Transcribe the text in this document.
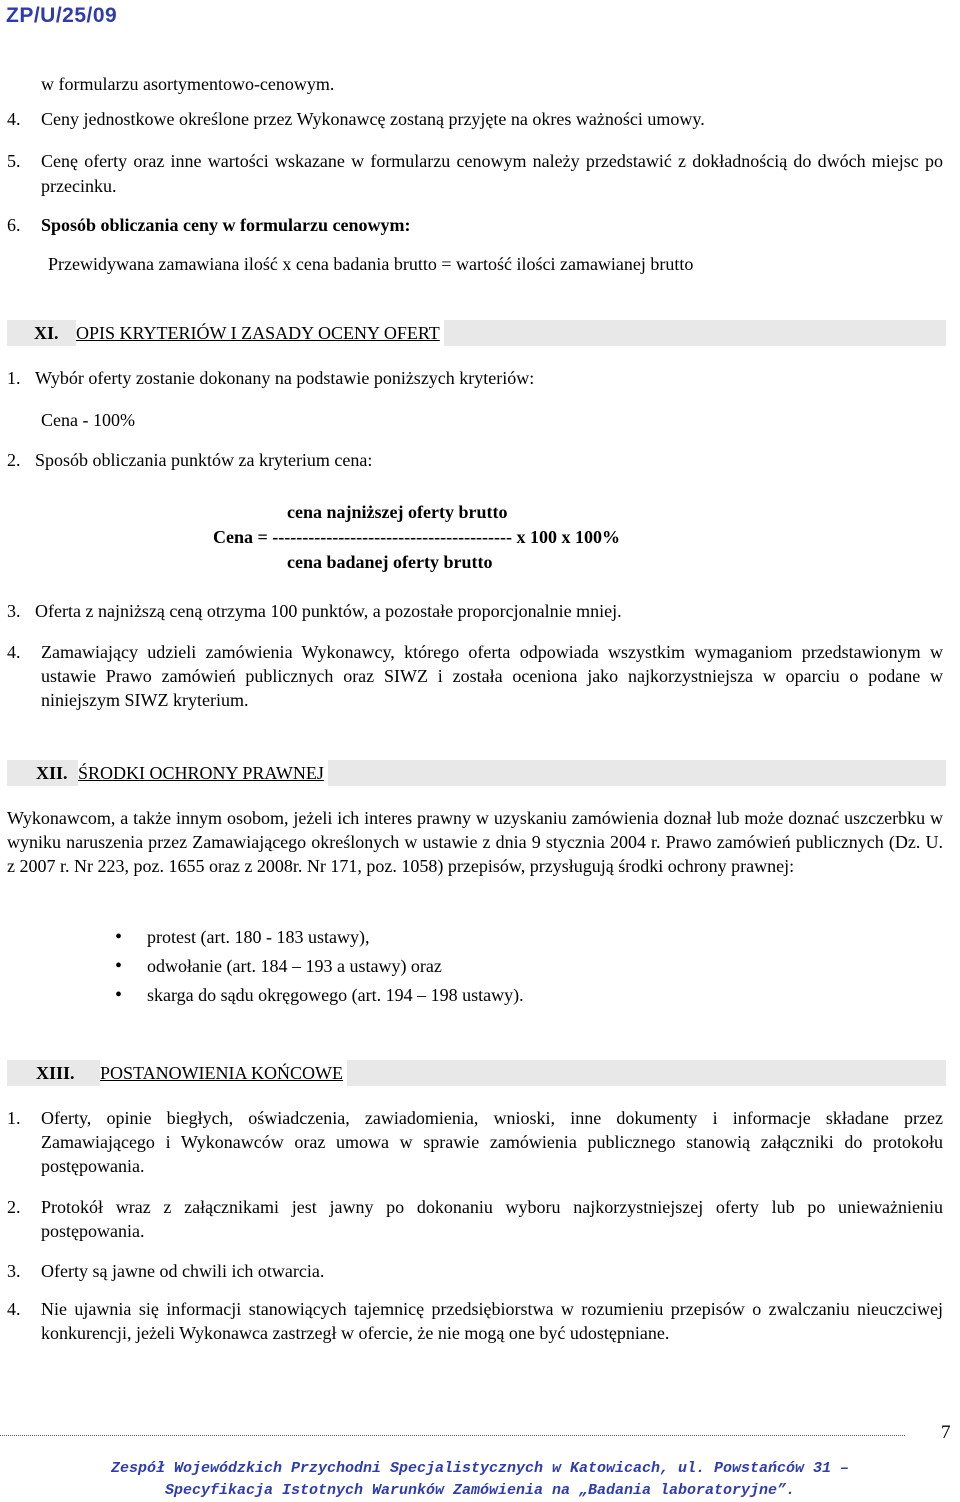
ZP/U/25/09
w formularzu asortymentowo-cenowym.
4. Ceny jednostkowe określone przez Wykonawcę zostaną przyjęte na okres ważności umowy.
5. Cenę oferty oraz inne wartości wskazane w formularzu cenowym należy przedstawić z dokładnością do dwóch miejsc po przecinku.
6. Sposób obliczania ceny w formularzu cenowym:
Przewidywana zamawiana ilość x cena badania brutto = wartość ilości zamawianej brutto
XI. OPIS KRYTERIÓW I ZASADY OCENY OFERT
1. Wybór oferty zostanie dokonany na podstawie poniższych kryteriów:
Cena - 100%
2. Sposób obliczania punktów za kryterium cena:
cena najniższej oferty brutto
Cena = ---------------------------------------- x 100 x 100%
cena badanej oferty brutto
3. Oferta z najniższą ceną otrzyma 100 punktów, a pozostałe proporcjonalnie mniej.
4. Zamawiający udzieli zamówienia Wykonawcy, którego oferta odpowiada wszystkim wymaganiom przedstawionym w ustawie Prawo zamówień publicznych oraz SIWZ i została oceniona jako najkorzystniejsza w oparciu o podane w niniejszym SIWZ kryterium.
XII. ŚRODKI OCHRONY PRAWNEJ
Wykonawcom, a także innym osobom, jeżeli ich interes prawny w uzyskaniu zamówienia doznał lub może doznać uszczerbku w wyniku naruszenia przez Zamawiającego określonych w ustawie z dnia 9 stycznia 2004 r. Prawo zamówień publicznych (Dz. U. z 2007 r. Nr 223, poz. 1655 oraz z 2008r. Nr 171, poz. 1058) przepisów, przysługują środki ochrony prawnej:
• protest (art. 180 - 183 ustawy),
• odwołanie (art. 184 – 193 a ustawy) oraz
• skarga do sądu okręgowego (art. 194 – 198 ustawy).
XIII. POSTANOWIENIA KOŃCOWE
1. Oferty, opinie biegłych, oświadczenia, zawiadomienia, wnioski, inne dokumenty i informacje składane przez Zamawiającego i Wykonawców oraz umowa w sprawie zamówienia publicznego stanowią załączniki do protokołu postępowania.
2. Protokół wraz z załącznikami jest jawny po dokonaniu wyboru najkorzystniejszej oferty lub po unieważnieniu postępowania.
3. Oferty są jawne od chwili ich otwarcia.
4. Nie ujawnia się informacji stanowiących tajemnicę przedsiębiorstwa w rozumieniu przepisów o zwalczaniu nieuczciwej konkurencji, jeżeli Wykonawca zastrzegł w ofercie, że nie mogą one być udostępniane.
7
Zespół Wojewódzkich Przychodni Specjalistycznych w Katowicach, ul. Powstańców 31 –
Specyfikacja Istotnych Warunków Zamówienia na „Badania laboratoryjne”.
